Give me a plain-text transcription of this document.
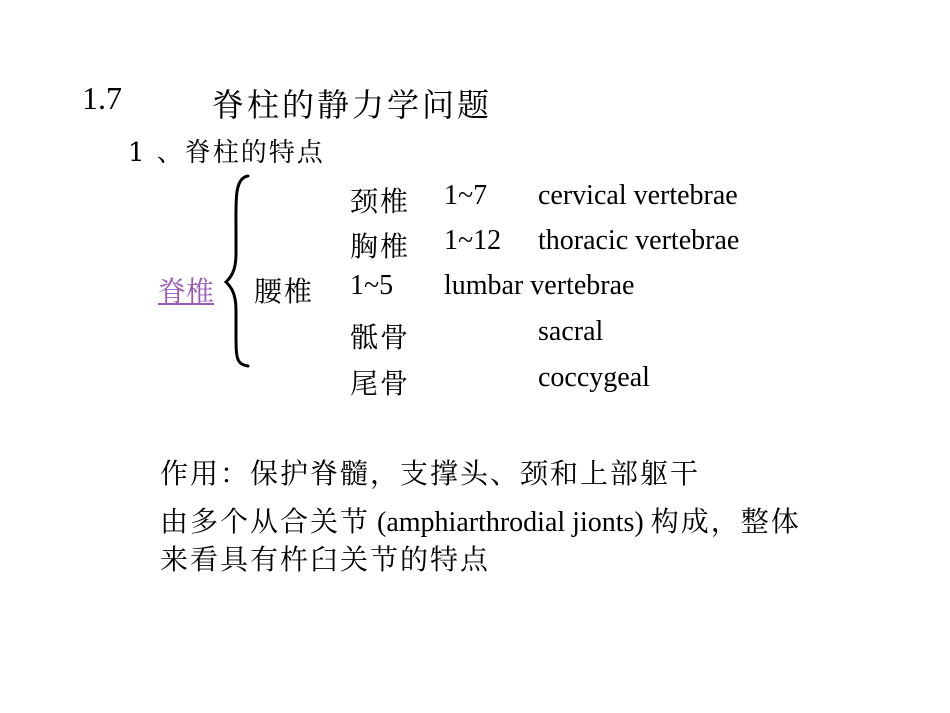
1.7	脊柱的静力学问题
1 、脊柱的特点
脊椎
颈椎 1~7 cervical vertebrae
胸椎 1~12 thoracic vertebrae
腰椎 1~5 lumbar vertebrae
骶骨	sacral
尾骨	coccygeal
作用：保护脊髓，支撑头、颈和上部躯干
由多个从合关节 (amphiarthrodial jionts) 构成，整体
来看具有杵臼关节的特点
